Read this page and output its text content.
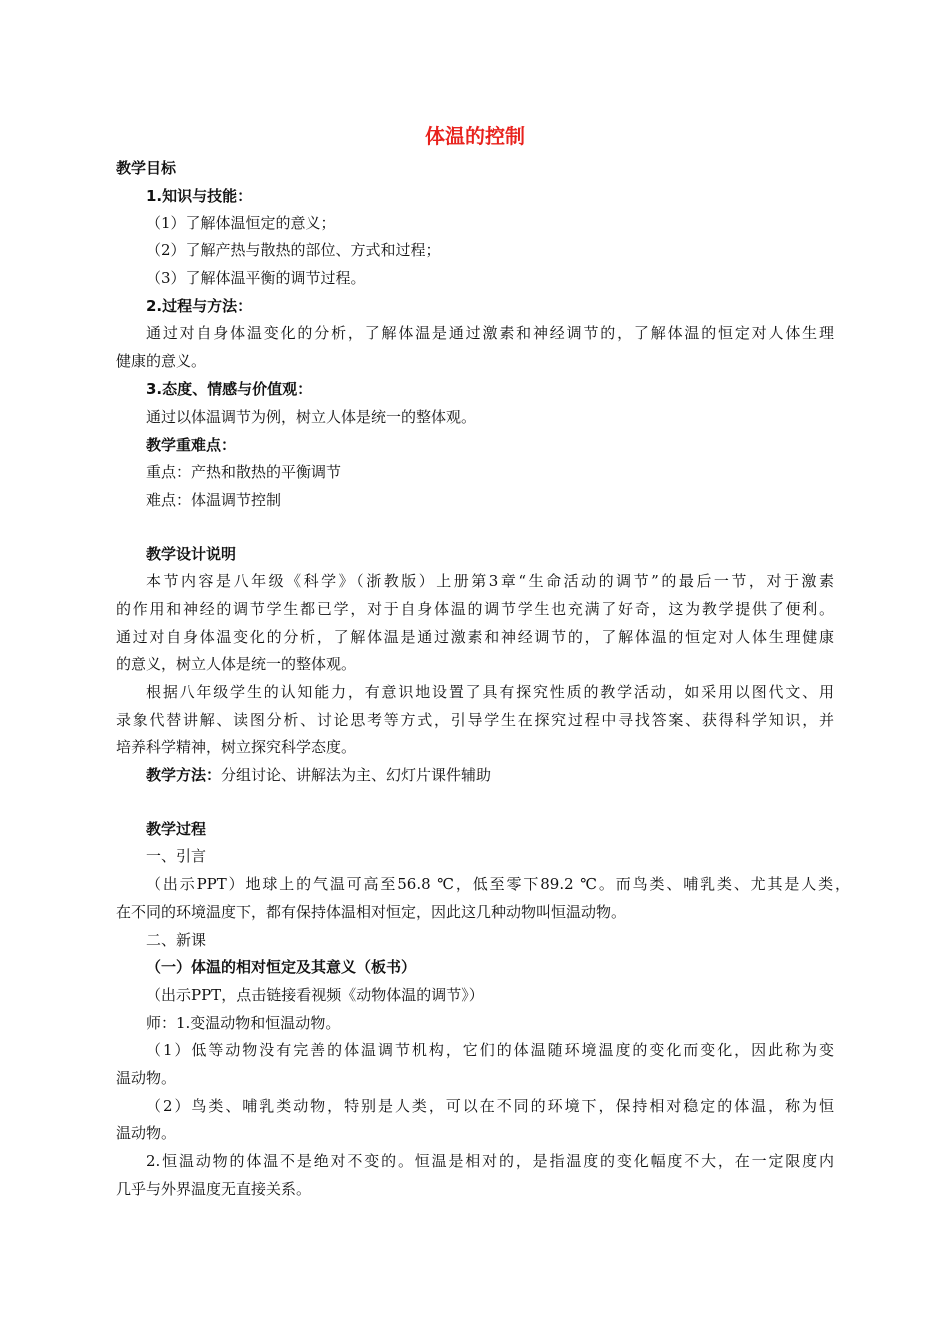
体温的控制
教学目标
1.知识与技能：
（1）了解体温恒定的意义；
（2）了解产热与散热的部位、方式和过程；
（3）了解体温平衡的调节过程。
2.过程与方法：
通过对自身体温变化的分析，了解体温是通过激素和神经调节的，了解体温的恒定对人体生理
健康的意义。
3.态度、情感与价值观：
通过以体温调节为例，树立人体是统一的整体观。
教学重难点：
重点：产热和散热的平衡调节
难点：体温调节控制
教学设计说明
本节内容是八年级《科学》（浙教版）上册第3章“生命活动的调节”的最后一节，对于激素
的作用和神经的调节学生都已学，对于自身体温的调节学生也充满了好奇，这为教学提供了便利。
通过对自身体温变化的分析，了解体温是通过激素和神经调节的，了解体温的恒定对人体生理健康
的意义，树立人体是统一的整体观。
根据八年级学生的认知能力，有意识地设置了具有探究性质的教学活动，如采用以图代文、用
录象代替讲解、读图分析、讨论思考等方式，引导学生在探究过程中寻找答案、获得科学知识，并
培养科学精神，树立探究科学态度。
教学方法：分组讨论、讲解法为主、幻灯片课件辅助
教学过程
一、引言
（出示PPT）地球上的气温可高至56.8 ℃，低至零下89.2 ℃。而鸟类、哺乳类、尤其是人类，
在不同的环境温度下，都有保持体温相对恒定，因此这几种动物叫恒温动物。
二、新课
（一）体温的相对恒定及其意义（板书）
（出示PPT，点击链接看视频《动物体温的调节》）
师：1.变温动物和恒温动物。
（1）低等动物没有完善的体温调节机构，它们的体温随环境温度的变化而变化，因此称为变
温动物。
（2）鸟类、哺乳类动物，特别是人类，可以在不同的环境下，保持相对稳定的体温，称为恒
温动物。
2.恒温动物的体温不是绝对不变的。恒温是相对的，是指温度的变化幅度不大，在一定限度内
几乎与外界温度无直接关系。
